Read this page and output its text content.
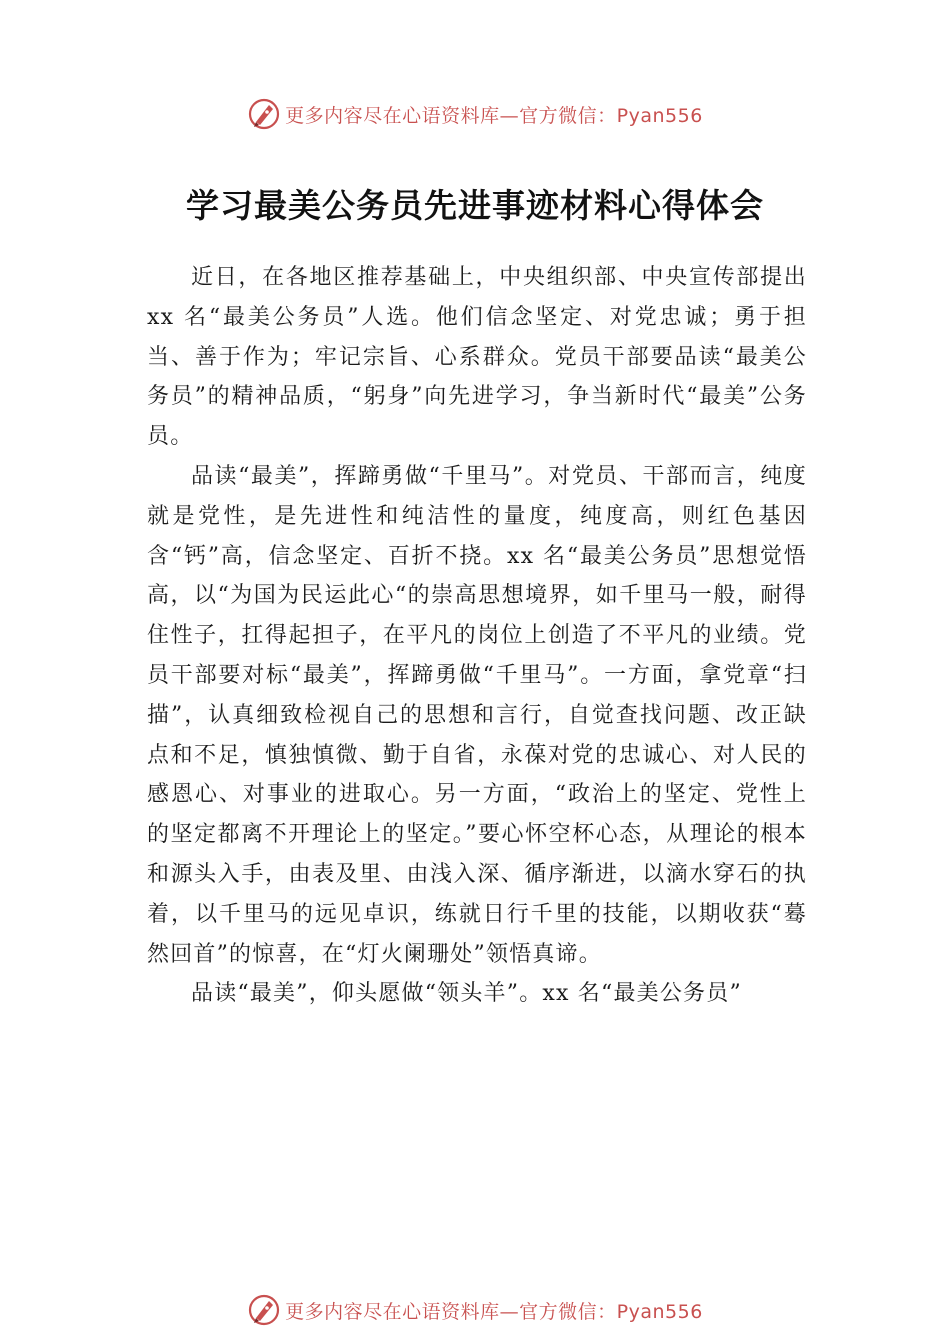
更多内容尽在心语资料库—官方微信：Pyan556
学习最美公务员先进事迹材料心得体会

近日，在各地区推荐基础上，中央组织部、中央宣传部提出 xx 名“最美公务员”人选。他们信念坚定、对党忠诚；勇于担当、善于作为；牢记宗旨、心系群众。党员干部要品读“最美公务员”的精神品质，“躬身”向先进学习，争当新时代“最美”公务员。

品读“最美”，挥蹄勇做“千里马”。对党员、干部而言，纯度就是党性，是先进性和纯洁性的量度，纯度高，则红色基因含“钙”高，信念坚定、百折不挠。xx 名“最美公务员”思想觉悟高，以“为国为民运此心“的崇高思想境界，如千里马一般，耐得住性子，扛得起担子，在平凡的岗位上创造了不平凡的业绩。党员干部要对标“最美”，挥蹄勇做“千里马”。一方面，拿党章“扫描”，认真细致检视自己的思想和言行，自觉查找问题、改正缺点和不足，慎独慎微、勤于自省，永葆对党的忠诚心、对人民的感恩心、对事业的进取心。另一方面，“政治上的坚定、党性上的坚定都离不开理论上的坚定。”要心怀空杯心态，从理论的根本和源头入手，由表及里、由浅入深、循序渐进，以滴水穿石的执着，以千里马的远见卓识，练就日行千里的技能，以期收获“蓦然回首”的惊喜，在“灯火阑珊处”领悟真谛。

品读“最美”，仰头愿做“领头羊”。xx 名“最美公务员”

更多内容尽在心语资料库—官方微信：Pyan556
